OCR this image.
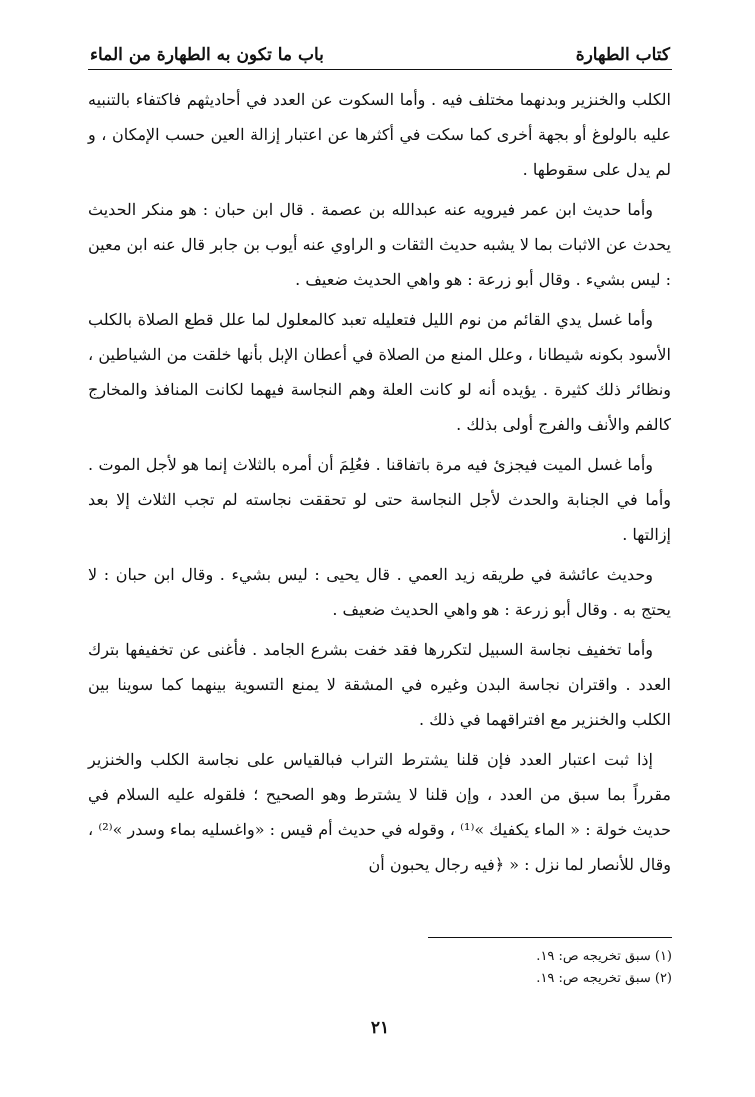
كتاب الطهارة
باب ما تكون به الطهارة من الماء

الكلب والخنزير وبدنهما مختلف فيه . وأما السكوت عن العدد في أحاديثهم فاكتفاء بالتنبيه عليه بالولوغ أو بجهة أخرى كما سكت في أكثرها عن اعتبار إزالة العين حسب الإمكان ، و لم يدل على سقوطها .

وأما حديث ابن عمر فيرويه عنه عبدالله بن عصمة . قال ابن حبان : هو منكر الحديث يحدث عن الاثبات بما لا يشبه حديث الثقات و الراوي عنه أيوب بن جابر قال عنه ابن معين : ليس بشيء . وقال أبو زرعة : هو واهي الحديث ضعيف .

وأما غسل يدي القائم من نوم الليل فتعليله تعبد كالمعلول لما علل قطع الصلاة بالكلب الأسود بكونه شيطانا ، وعلل المنع من الصلاة في أعطان الإبل بأنها خلقت من الشياطين ، ونظائر ذلك كثيرة . يؤيده أنه لو كانت العلة وهم النجاسة فيهما لكانت المنافذ والمخارج كالفم والأنف والفرج أولى بذلك .

وأما غسل الميت فيجزئ فيه مرة باتفاقنا . فعُلِمَ أن أمره بالثلاث إنما هو لأجل الموت . وأما في الجنابة والحدث لأجل النجاسة حتى لو تحققت نجاسته لم تجب الثلاث إلا بعد إزالتها .

وحديث عائشة في طريقه زيد العمي . قال يحيى : ليس بشيء . وقال ابن حبان : لا يحتج به . وقال أبو زرعة : هو واهي الحديث ضعيف .

وأما تخفيف نجاسة السبيل لتكررها فقد خفت بشرع الجامد . فأغنى عن تخفيفها بترك العدد . واقتران نجاسة البدن وغيره في المشقة لا يمنع التسوية بينهما كما سوينا بين الكلب والخنزير مع افتراقهما في ذلك .

إذا ثبت اعتبار العدد فإن قلنا يشترط التراب فبالقياس على نجاسة الكلب والخنزير مقرراً بما سبق من العدد ، وإن قلنا لا يشترط وهو الصحيح ؛ فلقوله عليه السلام في حديث خولة : « الماء يكفيك »⁽¹⁾ ، وقوله في حديث أم قيس : «واغسليه بماء وسدر »⁽²⁾ ، وقال للأنصار لما نزل : « ﴿فيه رجال يحبون أن

(١) سبق تخريجه ص: ١٩.

(٢) سبق تخريجه ص: ١٩.

٢١
